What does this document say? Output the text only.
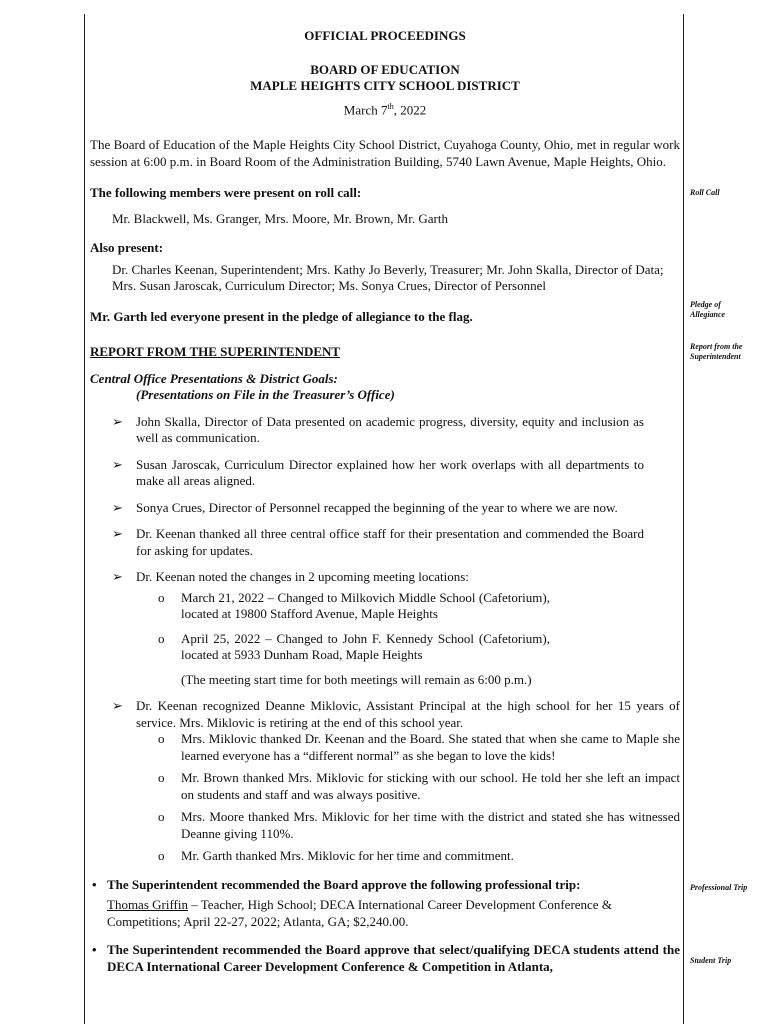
OFFICIAL PROCEEDINGS
BOARD OF EDUCATION
MAPLE HEIGHTS CITY SCHOOL DISTRICT
March 7th, 2022

The Board of Education of the Maple Heights City School District, Cuyahoga County, Ohio, met in regular work session at 6:00 p.m. in Board Room of the Administration Building, 5740 Lawn Avenue, Maple Heights, Ohio.

The following members were present on roll call:

Mr. Blackwell, Ms. Granger, Mrs. Moore, Mr. Brown, Mr. Garth

Also present:

Dr. Charles Keenan, Superintendent; Mrs. Kathy Jo Beverly, Treasurer; Mr. John Skalla, Director of Data; Mrs. Susan Jaroscak, Curriculum Director; Ms. Sonya Crues, Director of Personnel

Mr. Garth led everyone present in the pledge of allegiance to the flag.

REPORT FROM THE SUPERINTENDENT

Central Office Presentations & District Goals:

(Presentations on File in the Treasurer’s Office)

➢ John Skalla, Director of Data presented on academic progress, diversity, equity and inclusion as well as communication.
➢ Susan Jaroscak, Curriculum Director explained how her work overlaps with all departments to make all areas aligned.
➢ Sonya Crues, Director of Personnel recapped the beginning of the year to where we are now.
➢ Dr. Keenan thanked all three central office staff for their presentation and commended the Board for asking for updates.
➢ Dr. Keenan noted the changes in 2 upcoming meeting locations:
o March 21, 2022 – Changed to Milkovich Middle School (Cafetorium), located at 19800 Stafford Avenue, Maple Heights
o April 25, 2022 – Changed to John F. Kennedy School (Cafetorium), located at 5933 Dunham Road, Maple Heights

(The meeting start time for both meetings will remain as 6:00 p.m.)

➢ Dr. Keenan recognized Deanne Miklovic, Assistant Principal at the high school for her 15 years of service. Mrs. Miklovic is retiring at the end of this school year.
o Mrs. Miklovic thanked Dr. Keenan and the Board. She stated that when she came to Maple she learned everyone has a “different normal” as she began to love the kids!
o Mr. Brown thanked Mrs. Miklovic for sticking with our school. He told her she left an impact on students and staff and was always positive.
o Mrs. Moore thanked Mrs. Miklovic for her time with the district and stated she has witnessed Deanne giving 110%.
o Mr. Garth thanked Mrs. Miklovic for her time and commitment.
• The Superintendent recommended the Board approve the following professional trip:

Thomas Griffin – Teacher, High School; DECA International Career Development Conference & Competitions; April 22-27, 2022; Atlanta, GA; $2,240.00.

• The Superintendent recommended the Board approve that select/qualifying DECA students attend the DECA International Career Development Conference & Competition in Atlanta,
Roll Call
Pledge of Allegiance
Report from the Superintendent
Professional Trip
Student Trip
